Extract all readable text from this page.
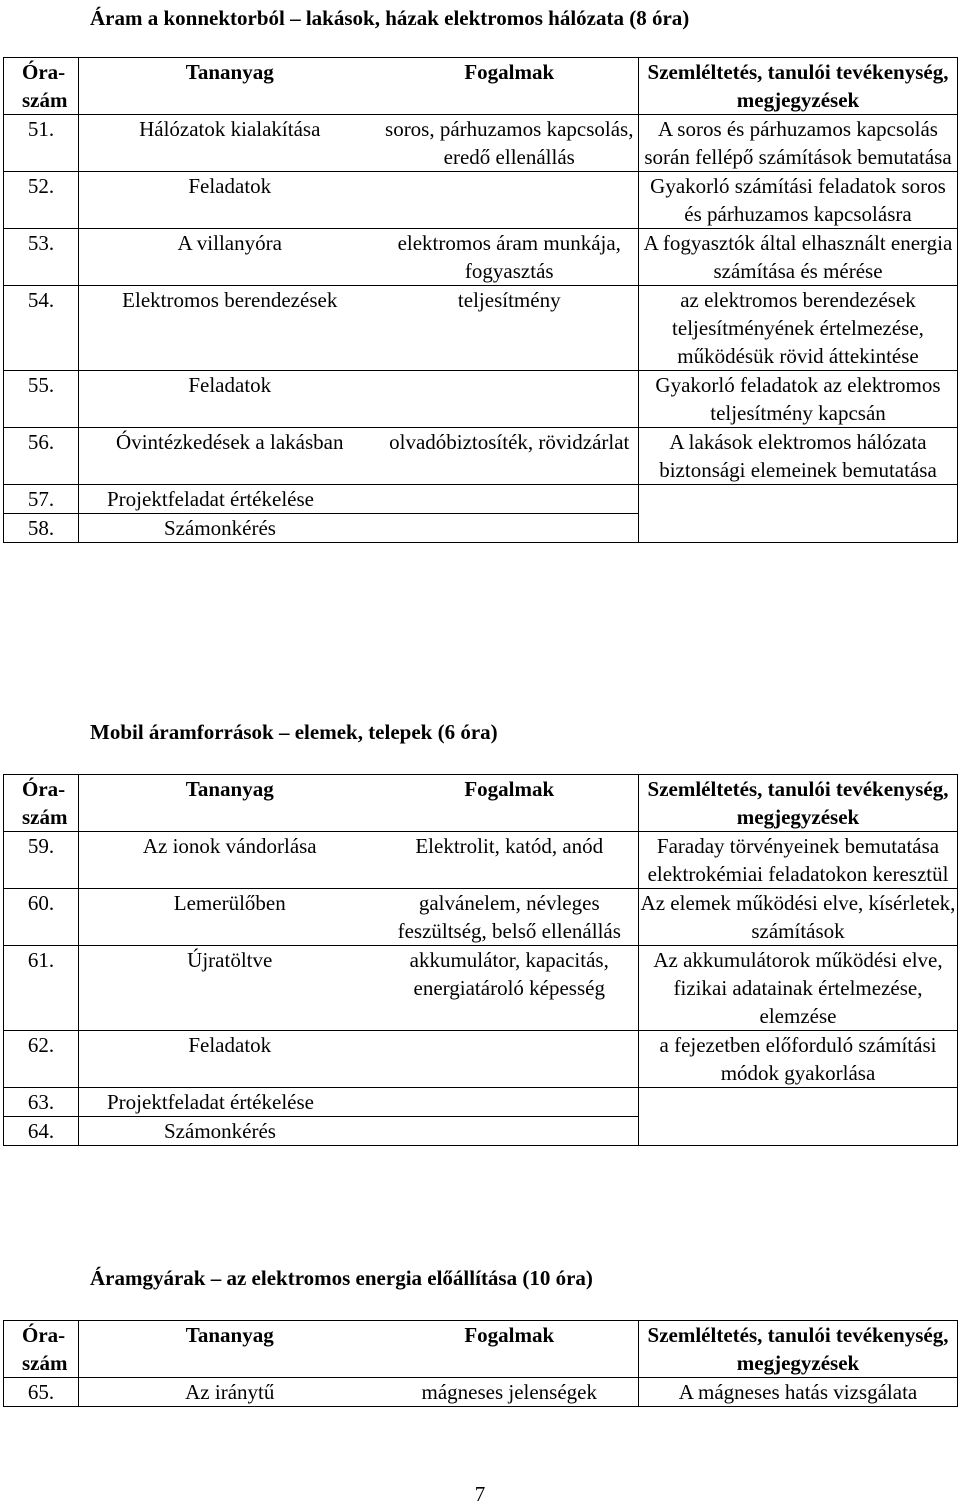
Áram a konnektorból – lakások, házak elektromos hálózata (8 óra)
Óra-
szám	Tananyag	Fogalmak	Szemléltetés, tanulói tevékenység, megjegyzések
51.	Hálózatok kialakítása	soros, párhuzamos kapcsolás, eredő ellenállás	A soros és párhuzamos kapcsolás során fellépő számítások bemutatása
52.	Feladatok		Gyakorló számítási feladatok soros és párhuzamos kapcsolásra
53.	A villanyóra	elektromos áram munkája, fogyasztás	A fogyasztók által elhasznált energia számítása és mérése
54.	Elektromos berendezések	teljesítmény	az elektromos berendezések teljesítményének értelmezése, működésük rövid áttekintése
55.	Feladatok		Gyakorló feladatok az elektromos teljesítmény kapcsán
56.	Óvintézkedések a lakásban	olvadóbiztosíték, rövidzárlat	A lakások elektromos hálózata biztonsági elemeinek bemutatása
57.	Projektfeladat értékelése		
58.	Számonkérés		
Mobil áramforrások – elemek, telepek (6 óra)
Óra-
szám	Tananyag	Fogalmak	Szemléltetés, tanulói tevékenység, megjegyzések
59.	Az ionok vándorlása	Elektrolit, katód, anód	Faraday törvényeinek bemutatása elektrokémiai feladatokon keresztül
60.	Lemerülőben	galvánelem, névleges feszültség, belső ellenállás	Az elemek működési elve, kísérletek, számítások
61.	Újratöltve	akkumulátor, kapacitás, energiatároló képesség	Az akkumulátorok működési elve, fizikai adatainak értelmezése, elemzése
62.	Feladatok		a fejezetben előforduló számítási módok gyakorlása
63.	Projektfeladat értékelése		
64.	Számonkérés		
Áramgyárak – az elektromos energia előállítása (10 óra)
Óra-
szám	Tananyag	Fogalmak	Szemléltetés, tanulói tevékenység, megjegyzések
65.	Az iránytű	mágneses jelenségek	A mágneses hatás vizsgálata
7
